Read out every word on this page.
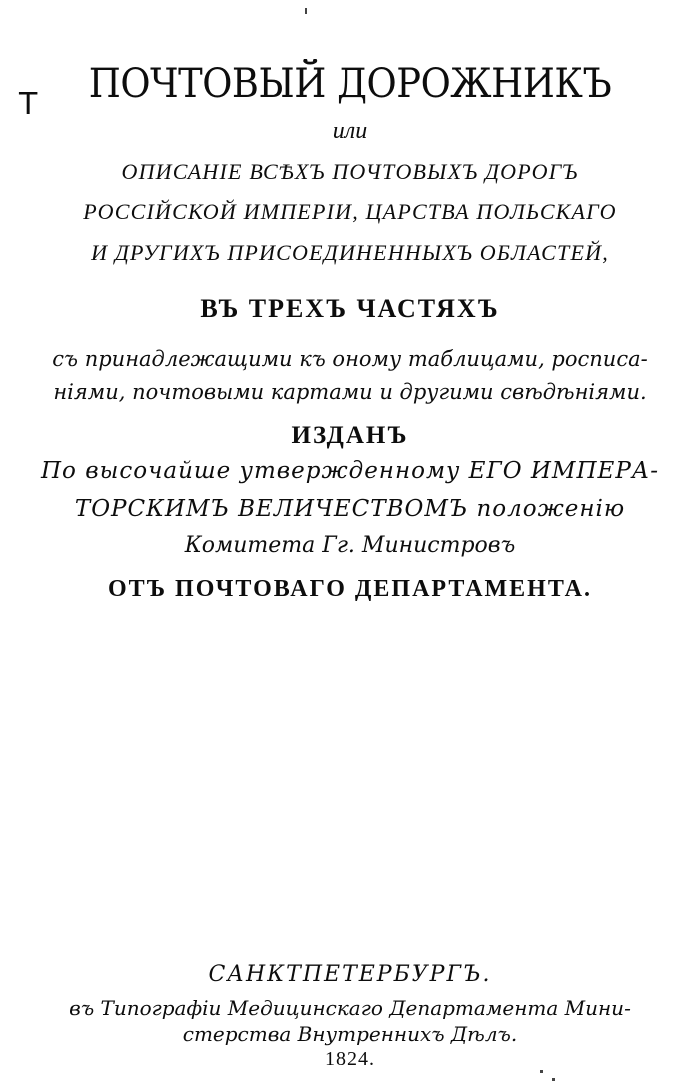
Т	ПОЧТОВЫЙ ДОРОЖНИКЪ
или
ОПИСАНІЕ ВСѢХЪ ПОЧТОВЫХЪ ДОРОГЪ
РОССІЙСКОЙ ИМПЕРІИ, ЦАРСТВА ПОЛЬСКАГО
И ДРУГИХЪ ПРИСОЕДИНЕННЫХЪ ОБЛАСТЕЙ,
ВЪ ТРЕХЪ ЧАСТЯХЪ
съ принадлежащими къ оному таблицами, росписа-
ніями, почтовыми картами и другими свѣдѣніями.
ИЗДАНЪ
По высочайше утвержденному ЕГО ИМПЕРА-
ТОРСКИМЪ ВЕЛИЧЕСТВОМЪ положенію
Комитета Гг. Министровъ
ОТЪ ПОЧТОВАГО ДЕПАРТАМЕНТА.
САНКТПЕТЕРБУРГЪ.
въ Типографіи Медицинскаго Департамента Мини-
стерства Внутреннихъ Дѣлъ.
1824.
